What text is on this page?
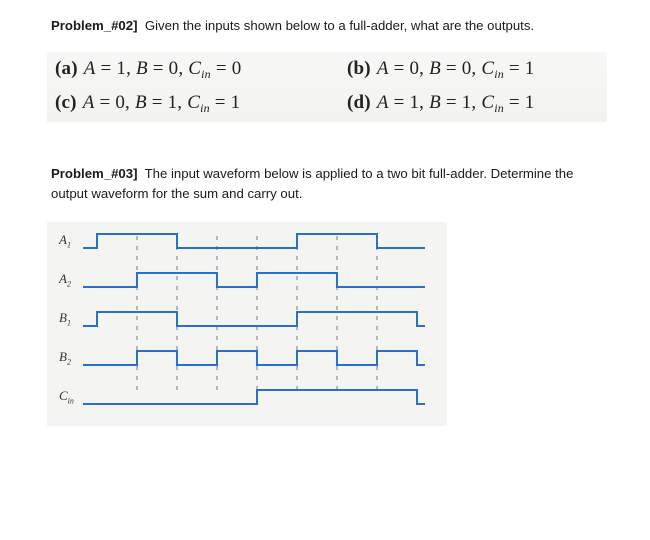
Problem_#02] Given the inputs shown below to a full-adder, what are the outputs.
(a) A = 1, B = 0, $C_{in} = 0$	(b) A = 0, B = 0, $C_{in} = 1$
(c) A = 0, B = 1, $C_{in} = 1$	(d) A = 1, B = 1, $C_{in} = 1$
Problem_#03] The input waveform below is applied to a two bit full-adder. Determine the
output waveform for the sum and carry out.
$A_1$
$A_2$
$B_1$
$B_2$
$C_{in}$
